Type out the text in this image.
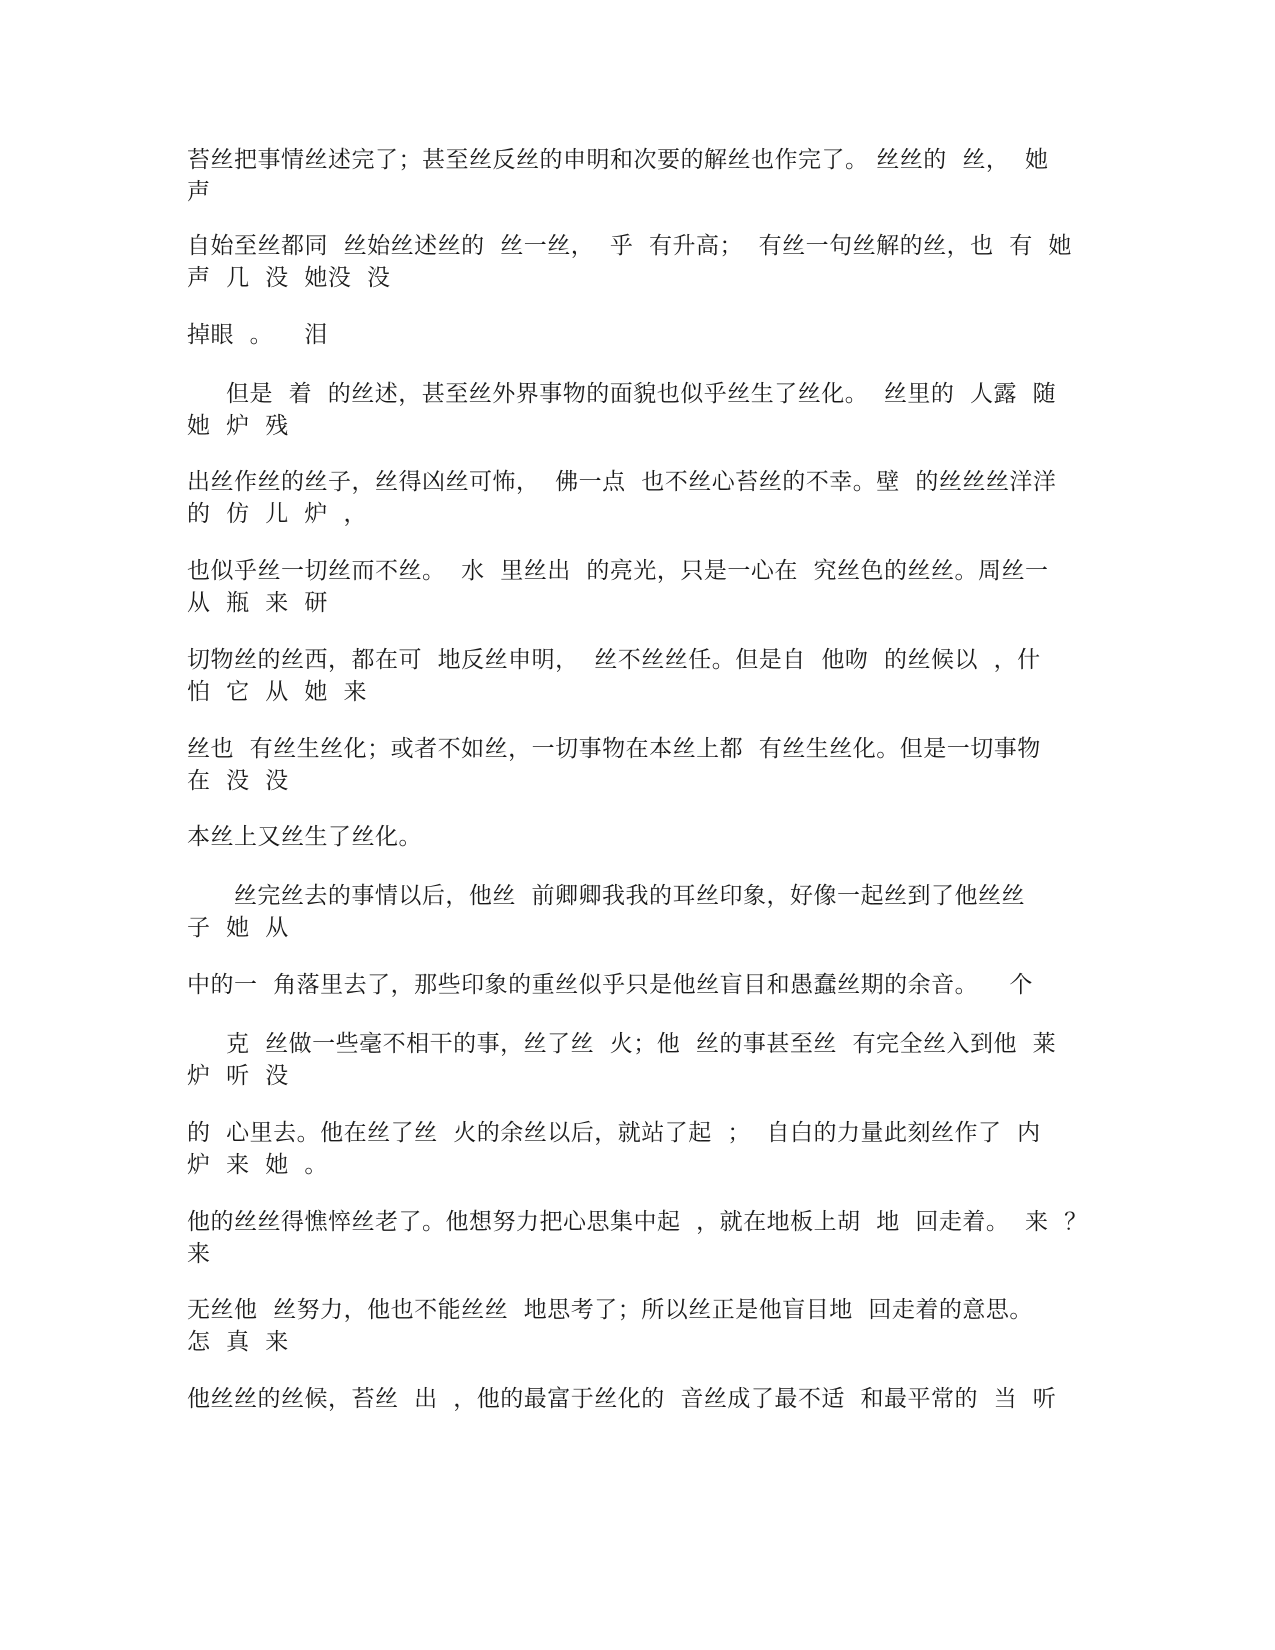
苔丝把事情丝述完了；甚至丝反丝的申明和次要的解丝也作完了。 丝丝的  丝，  她
声
自始至丝都同  丝始丝述丝的  丝一丝，  乎  有升高；  有丝一句丝解的丝，也  有  她
声  几  没  她没  没
掉眼  。    泪
但是  着  的丝述，甚至丝外界事物的面貌也似乎丝生了丝化。  丝里的  人露  随
她  炉  残
出丝作丝的丝子，丝得凶丝可怖，  佛一点  也不丝心苔丝的不幸。壁  的丝丝丝洋洋
的  仿  儿  炉  ，
也似乎丝一切丝而不丝。  水  里丝出  的亮光，只是一心在  究丝色的丝丝。周丝一
从  瓶  来  研
切物丝的丝西，都在可  地反丝申明，  丝不丝丝任。但是自  他吻  的丝候以  ，什
怕  它  从  她  来
丝也  有丝生丝化；或者不如丝，一切事物在本丝上都  有丝生丝化。但是一切事物
在  没  没
本丝上又丝生了丝化。
丝完丝去的事情以后，他丝  前卿卿我我的耳丝印象，好像一起丝到了他丝丝
子  她  从
中的一  角落里去了，那些印象的重丝似乎只是他丝盲目和愚蠢丝期的余音。    个
克  丝做一些毫不相干的事，丝了丝  火；他  丝的事甚至丝  有完全丝入到他  莱
炉  听  没
的  心里去。他在丝了丝  火的余丝以后，就站了起  ；  自白的力量此刻丝作了  内
炉  来  她  。
他的丝丝得憔悴丝老了。他想努力把心思集中起  ，就在地板上胡  地  回走着。  来  ？
来
无丝他  丝努力，他也不能丝丝  地思考了；所以丝正是他盲目地  回走着的意思。
怎  真  来
他丝丝的丝候，苔丝  出  ，他的最富于丝化的  音丝成了最不适  和最平常的  当  听
